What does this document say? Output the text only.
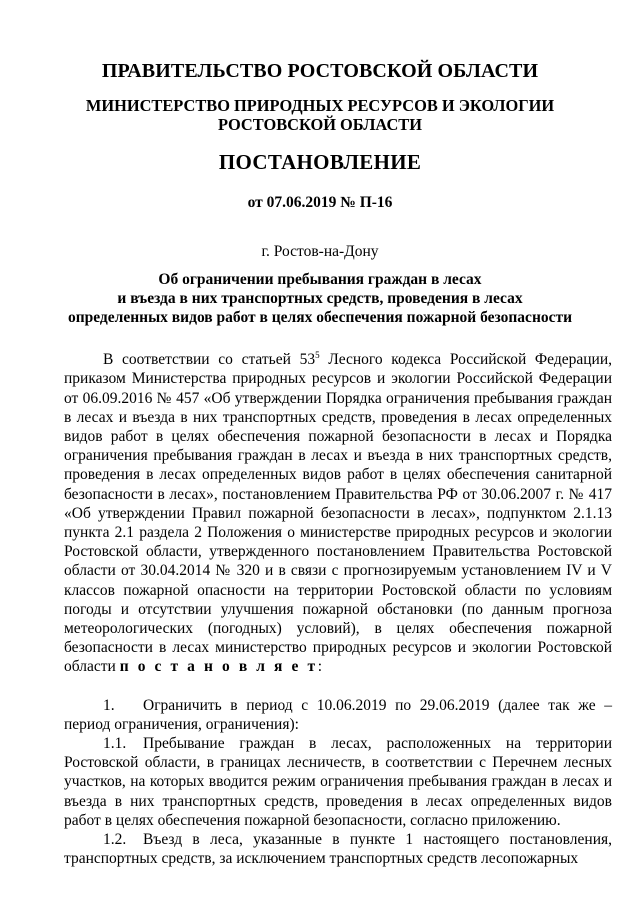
ПРАВИТЕЛЬСТВО РОСТОВСКОЙ ОБЛАСТИ

МИНИСТЕРСТВО ПРИРОДНЫХ РЕСУРСОВ И ЭКОЛОГИИ
РОСТОВСКОЙ ОБЛАСТИ

ПОСТАНОВЛЕНИЕ

от 07.06.2019 № П-16

г. Ростов-на-Дону

Об ограничении пребывания граждан в лесах
и въезда в них транспортных средств, проведения в лесах
определенных видов работ в целях обеспечения пожарной безопасности

В соответствии со статьей $53^5$ Лесного кодекса Российской Федерации, приказом Министерства природных ресурсов и экологии Российской Федерации от 06.09.2016 № 457 «Об утверждении Порядка ограничения пребывания граждан в лесах и въезда в них транспортных средств, проведения в лесах определенных видов работ в целях обеспечения пожарной безопасности в лесах и Порядка ограничения пребывания граждан в лесах и въезда в них транспортных средств, проведения в лесах определенных видов работ в целях обеспечения санитарной безопасности в лесах», постановлением Правительства РФ от 30.06.2007 г. № 417 «Об утверждении Правил пожарной безопасности в лесах», подпунктом 2.1.13 пункта 2.1 раздела 2 Положения о министерстве природных ресурсов и экологии Ростовской области, утвержденного постановлением Правительства Ростовской области от 30.04.2014 № 320 и в связи с прогнозируемым установлением IV и V классов пожарной опасности на территории Ростовской области по условиям погоды и отсутствии улучшения пожарной обстановки (по данным прогноза метеорологических (погодных) условий), в целях обеспечения пожарной безопасности в лесах министерство природных ресурсов и экологии Ростовской области п о с т а н о в л я е т:

1. Ограничить в период с 10.06.2019 по 29.06.2019 (далее так же – период ограничения, ограничения):

1.1. Пребывание граждан в лесах, расположенных на территории Ростовской области, в границах лесничеств, в соответствии с Перечнем лесных участков, на которых вводится режим ограничения пребывания граждан в лесах и въезда в них транспортных средств, проведения в лесах определенных видов работ в целях обеспечения пожарной безопасности, согласно приложению.

1.2. Въезд в леса, указанные в пункте 1 настоящего постановления, транспортных средств, за исключением транспортных средств лесопожарных
